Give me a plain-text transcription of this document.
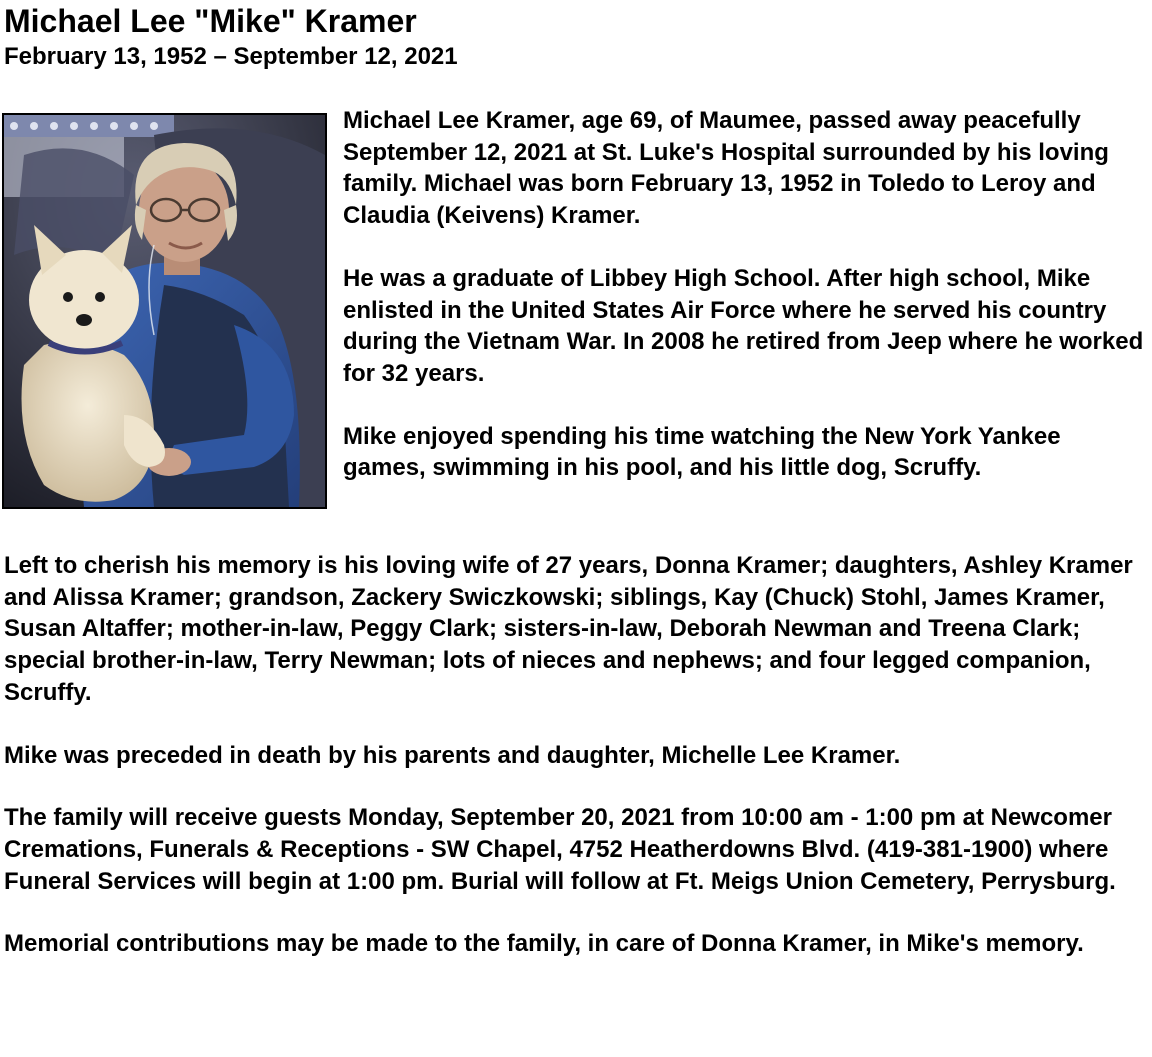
Michael Lee "Mike" Kramer
February 13, 1952 – September 12, 2021

Michael Lee Kramer, age 69, of Maumee, passed away peacefully September 12, 2021 at St. Luke's Hospital surrounded by his loving family. Michael was born February 13, 1952 in Toledo to Leroy and Claudia (Keivens) Kramer.

He was a graduate of Libbey High School. After high school, Mike enlisted in the United States Air Force where he served his country during the Vietnam War. In 2008 he retired from Jeep where he worked for 32 years.

Mike enjoyed spending his time watching the New York Yankee games, swimming in his pool, and his little dog, Scruffy.

Left to cherish his memory is his loving wife of 27 years, Donna Kramer; daughters, Ashley Kramer and Alissa Kramer; grandson, Zackery Swiczkowski; siblings, Kay (Chuck) Stohl, James Kramer, Susan Altaffer; mother-in-law, Peggy Clark; sisters-in-law, Deborah Newman and Treena Clark; special brother-in-law, Terry Newman; lots of nieces and nephews; and four legged companion, Scruffy.

Mike was preceded in death by his parents and daughter, Michelle Lee Kramer.

The family will receive guests Monday, September 20, 2021 from 10:00 am - 1:00 pm at Newcomer Cremations, Funerals & Receptions - SW Chapel, 4752 Heatherdowns Blvd. (419-381-1900) where Funeral Services will begin at 1:00 pm. Burial will follow at Ft. Meigs Union Cemetery, Perrysburg.

Memorial contributions may be made to the family, in care of Donna Kramer, in Mike's memory.
